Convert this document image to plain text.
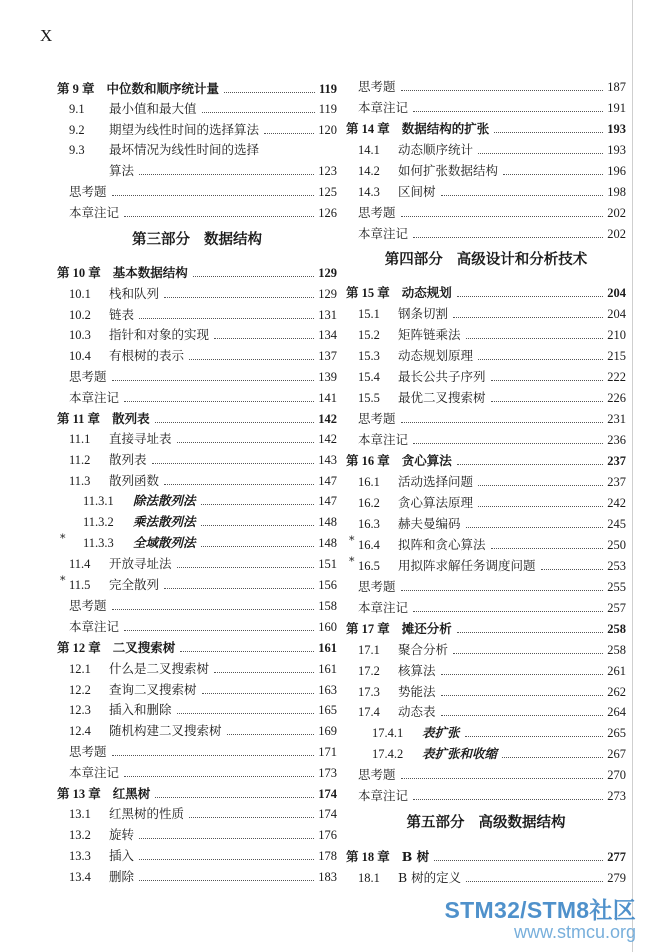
X
第 9 章 中位数和顺序统计量	119
9.1	最小值和最大值	119
9.2	期望为线性时间的选择算法	120
9.3	最坏情况为线性时间的选择
算法	123
思考题	125
本章注记	126
第三部分 数据结构
第 10 章 基本数据结构	129
10.1	栈和队列	129
10.2	链表	131
10.3	指针和对象的实现	134
10.4	有根树的表示	137
思考题	139
本章注记	141
第 11 章 散列表	142
11.1	直接寻址表	142
11.2	散列表	143
11.3	散列函数	147
11.3.1	除法散列法	147
11.3.2	乘法散列法	148
* 11.3.3	全域散列法	148
11.4	开放寻址法	151
* 11.5	完全散列	156
思考题	158
本章注记	160
第 12 章 二叉搜索树	161
12.1	什么是二叉搜索树	161
12.2	查询二叉搜索树	163
12.3	插入和删除	165
12.4	随机构建二叉搜索树	169
思考题	171
本章注记	173
第 13 章 红黑树	174
13.1	红黑树的性质	174
13.2	旋转	176
13.3	插入	178
13.4	删除	183
思考题	187
本章注记	191
第 14 章 数据结构的扩张	193
14.1	动态顺序统计	193
14.2	如何扩张数据结构	196
14.3	区间树	198
思考题	202
本章注记	202
第四部分 高级设计和分析技术
第 15 章 动态规划	204
15.1	钢条切割	204
15.2	矩阵链乘法	210
15.3	动态规划原理	215
15.4	最长公共子序列	222
15.5	最优二叉搜索树	226
思考题	231
本章注记	236
第 16 章 贪心算法	237
16.1	活动选择问题	237
16.2	贪心算法原理	242
16.3	赫夫曼编码	245
* 16.4	拟阵和贪心算法	250
* 16.5	用拟阵求解任务调度问题	253
思考题	255
本章注记	257
第 17 章 摊还分析	258
17.1	聚合分析	258
17.2	核算法	261
17.3	势能法	262
17.4	动态表	264
17.4.1	表扩张	265
17.4.2	表扩张和收缩	267
思考题	270
本章注记	273
第五部分 高级数据结构
第 18 章 B 树	277
18.1	B 树的定义	279
STM32/STM8社区
www.stmcu.org
